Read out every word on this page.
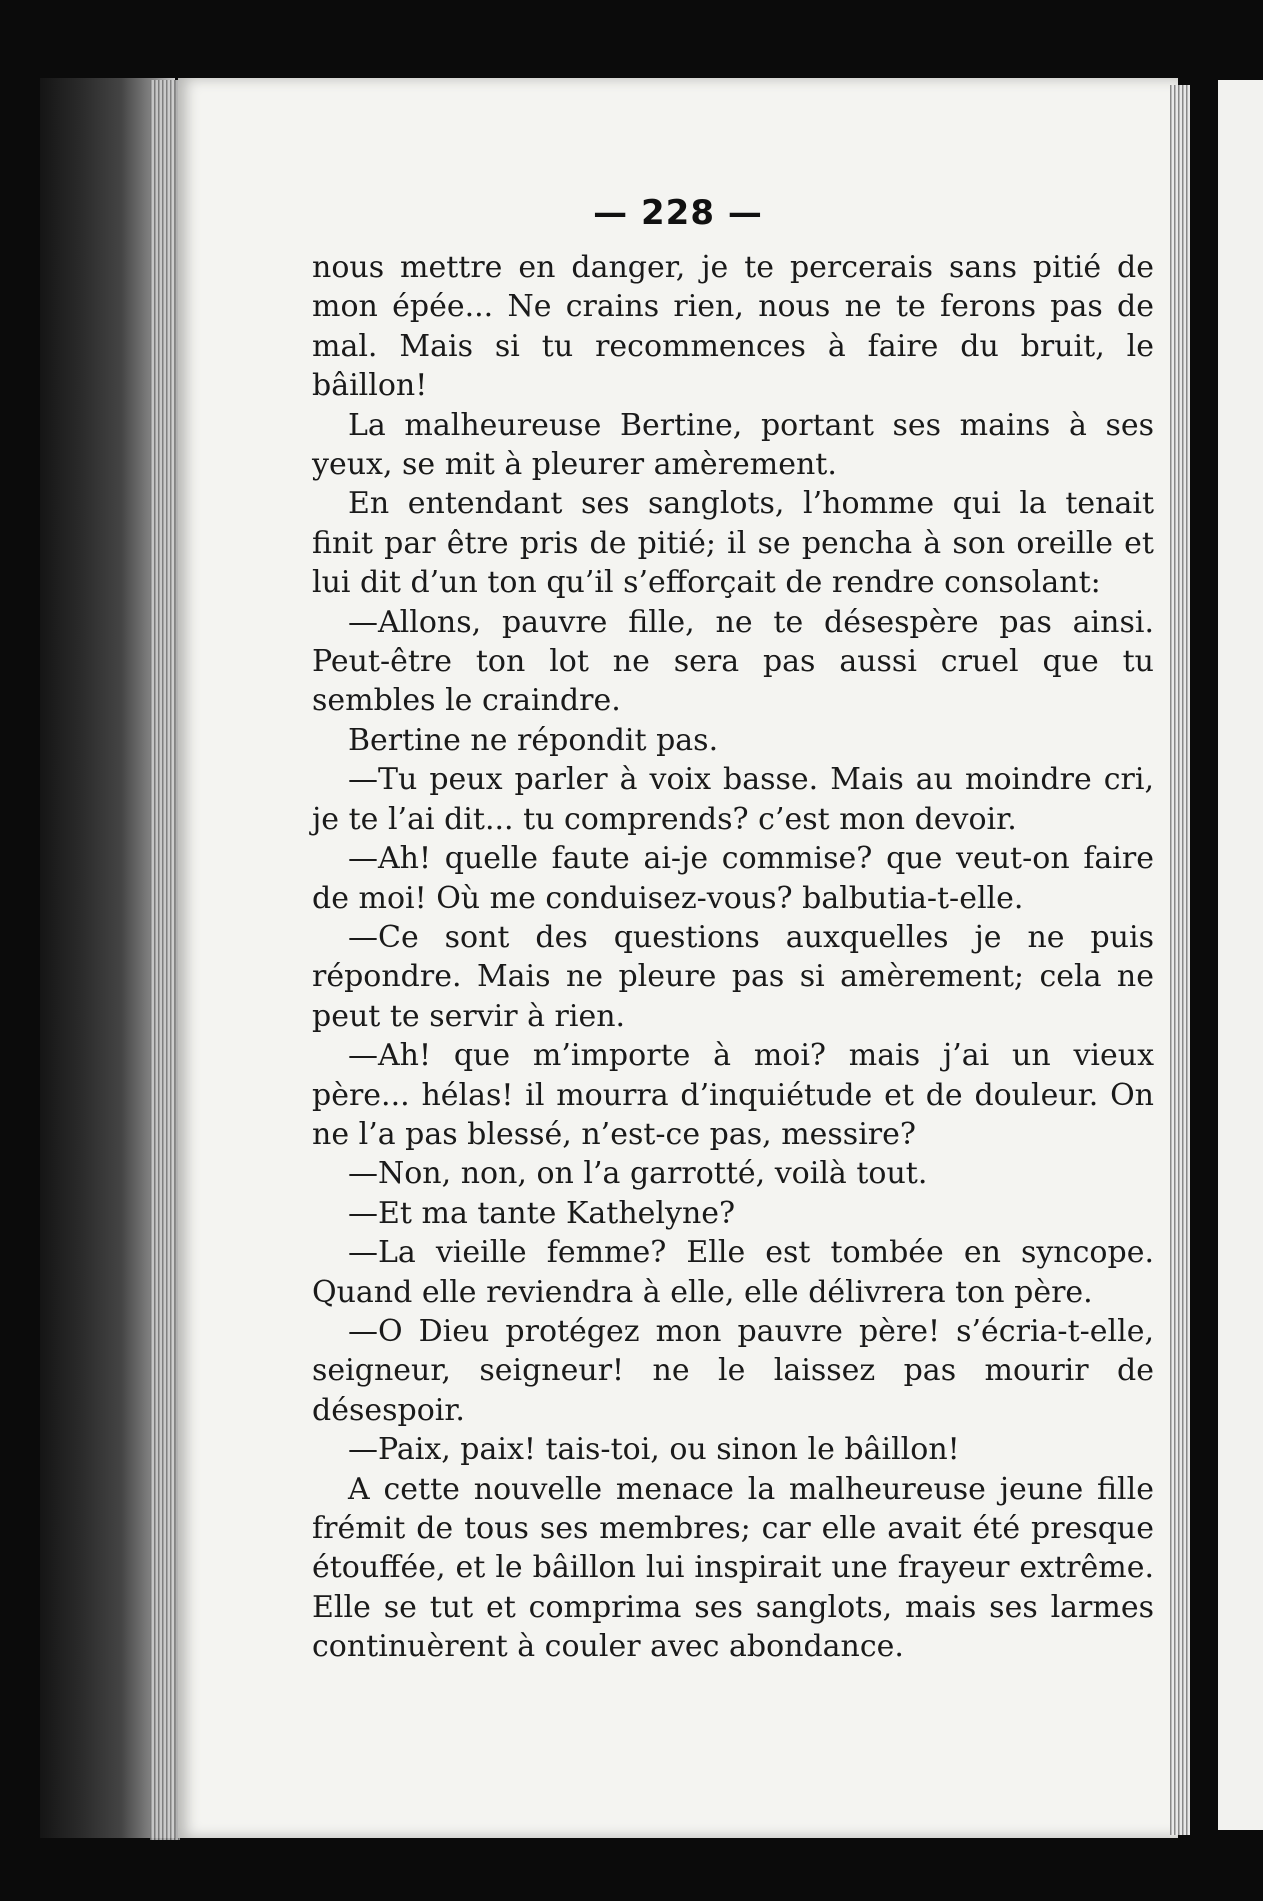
— 228 —

nous mettre en danger, je te percerais sans pitié de mon épée... Ne crains rien, nous ne te ferons pas de mal. Mais si tu recommences à faire du bruit, le bâillon!

La malheureuse Bertine, portant ses mains à ses yeux, se mit à pleurer amèrement.

En entendant ses sanglots, l’homme qui la tenait finit par être pris de pitié; il se pencha à son oreille et lui dit d’un ton qu’il s’efforçait de rendre consolant:

—Allons, pauvre fille, ne te désespère pas ainsi. Peut-être ton lot ne sera pas aussi cruel que tu sembles le craindre.

Bertine ne répondit pas.

—Tu peux parler à voix basse. Mais au moindre cri, je te l’ai dit... tu comprends? c’est mon devoir.

—Ah! quelle faute ai-je commise? que veut-on faire de moi! Où me conduisez-vous? balbutia-t-elle.

—Ce sont des questions auxquelles je ne puis répondre. Mais ne pleure pas si amèrement; cela ne peut te servir à rien.

—Ah! que m’importe à moi? mais j’ai un vieux père... hélas! il mourra d’inquiétude et de douleur. On ne l’a pas blessé, n’est-ce pas, messire?

—Non, non, on l’a garrotté, voilà tout.

—Et ma tante Kathelyne?

—La vieille femme? Elle est tombée en syncope. Quand elle reviendra à elle, elle délivrera ton père.

—O Dieu protégez mon pauvre père! s’écria-t-elle, seigneur, seigneur! ne le laissez pas mourir de désespoir.

—Paix, paix! tais-toi, ou sinon le bâillon!

A cette nouvelle menace la malheureuse jeune fille frémit de tous ses membres; car elle avait été presque étouffée, et le bâillon lui inspirait une frayeur extrême. Elle se tut et comprima ses sanglots, mais ses larmes continuèrent à couler avec abondance.
